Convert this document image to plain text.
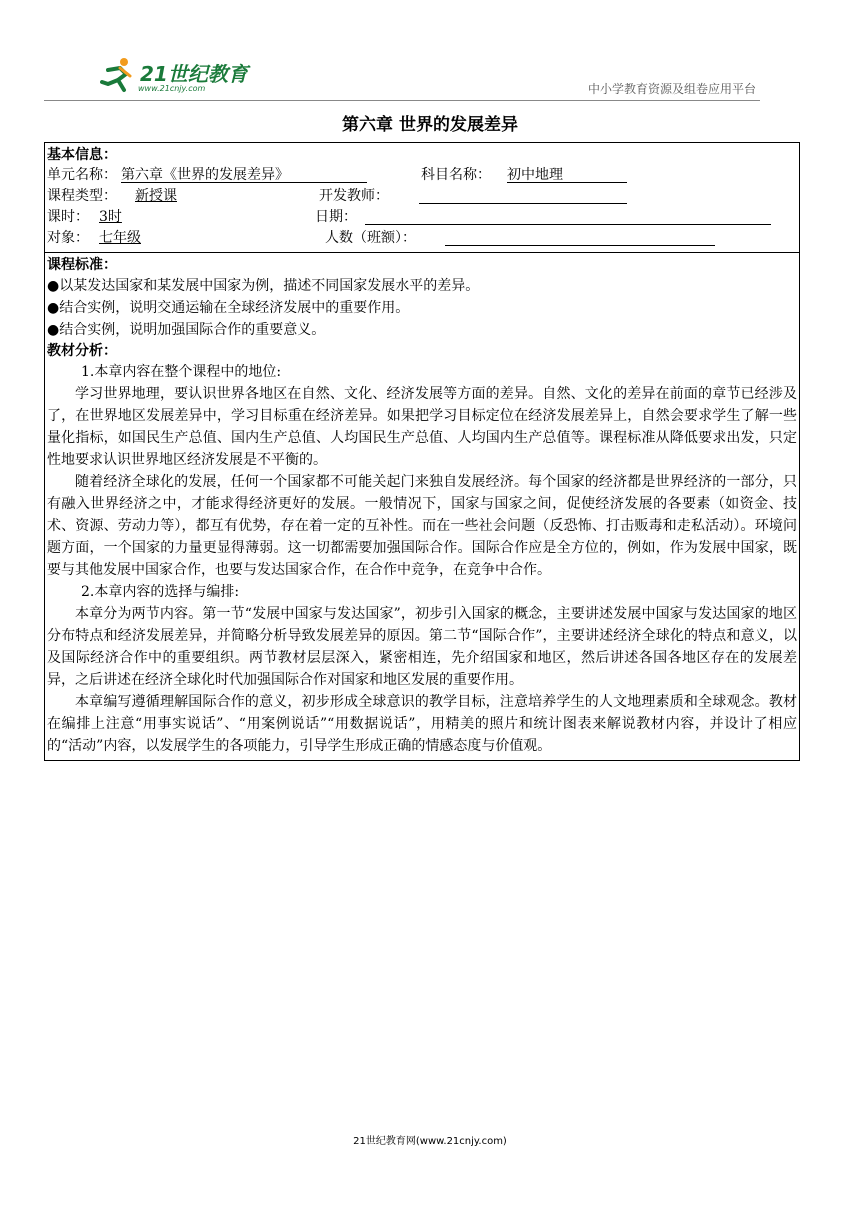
21世纪教育
www.21cnjy.com	中小学教育资源及组卷应用平台
第六章 世界的发展差异
基本信息：
单元名称： 第六章《世界的发展差异》	科目名称： 初中地理
课程类型： 新授课	开发教师：
课时： 3时	日期：
对象： 七年级	人数（班额）：
课程标准：
●以某发达国家和某发展中国家为例，描述不同国家发展水平的差异。
●结合实例，说明交通运输在全球经济发展中的重要作用。
●结合实例，说明加强国际合作的重要意义。
教材分析：

1.本章内容在整个课程中的地位:

学习世界地理，要认识世界各地区在自然、文化、经济发展等方面的差异。自然、文化的差异在前面的章节已经涉及了，在世界地区发展差异中，学习目标重在经济差异。如果把学习目标定位在经济发展差异上，自然会要求学生了解一些量化指标，如国民生产总值、国内生产总值、人均国民生产总值、人均国内生产总值等。课程标准从降低要求出发，只定性地要求认识世界地区经济发展是不平衡的。

随着经济全球化的发展，任何一个国家都不可能关起门来独自发展经济。每个国家的经济都是世界经济的一部分，只有融入世界经济之中，才能求得经济更好的发展。一般情况下，国家与国家之间，促使经济发展的各要素（如资金、技术、资源、劳动力等），都互有优势，存在着一定的互补性。而在一些社会问题（反恐怖、打击贩毒和走私活动）。环境问题方面，一个国家的力量更显得薄弱。这一切都需要加强国际合作。国际合作应是全方位的，例如，作为发展中国家，既要与其他发展中国家合作，也要与发达国家合作，在合作中竞争，在竞争中合作。

2.本章内容的选择与编排:

本章分为两节内容。第一节“发展中国家与发达国家”，初步引入国家的概念，主要讲述发展中国家与发达国家的地区分布特点和经济发展差异，并简略分析导致发展差异的原因。第二节“国际合作”，主要讲述经济全球化的特点和意义，以及国际经济合作中的重要组织。两节教材层层深入，紧密相连，先介绍国家和地区，然后讲述各国各地区存在的发展差异，之后讲述在经济全球化时代加强国际合作对国家和地区发展的重要作用。

本章编写遵循理解国际合作的意义，初步形成全球意识的教学目标，注意培养学生的人文地理素质和全球观念。教材在编排上注意“用事实说话”、“用案例说话”“用数据说话”，用精美的照片和统计图表来解说教材内容，并设计了相应的“活动”内容，以发展学生的各项能力，引导学生形成正确的情感态度与价值观。

21世纪教育网(www.21cnjy.com)
